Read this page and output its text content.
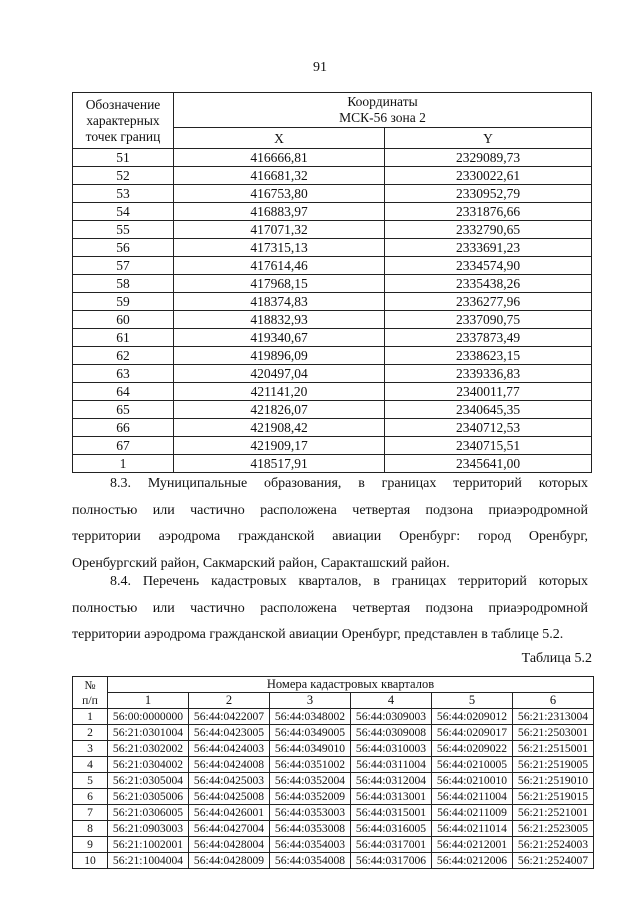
91
Обозначение характерных точек границ	Координаты
МСК-56 зона 2	
	X	Y
51	416666,81	2329089,73
52	416681,32	2330022,61
53	416753,80	2330952,79
54	416883,97	2331876,66
55	417071,32	2332790,65
56	417315,13	2333691,23
57	417614,46	2334574,90
58	417968,15	2335438,26
59	418374,83	2336277,96
60	418832,93	2337090,75
61	419340,67	2337873,49
62	419896,09	2338623,15
63	420497,04	2339336,83
64	421141,20	2340011,77
65	421826,07	2340645,35
66	421908,42	2340712,53
67	421909,17	2340715,51
1	418517,91	2345641,00
8.3. Муниципальные образования, в границах территорий которых
полностью или частично расположена четвертая подзона приаэродромной
территории аэродрома гражданской авиации Оренбург: город Оренбург,
Оренбургский район, Сакмарский район, Саракташский район.
8.4. Перечень кадастровых кварталов, в границах территорий которых
полностью или частично расположена четвертая подзона приаэродромной
территории аэродрома гражданской авиации Оренбург, представлен в таблице 5.2.
Таблица 5.2
№
п/п	Номера кадастровых кварталов					
	1	2	3	4	5	6
1	56:00:0000000	56:44:0422007	56:44:0348002	56:44:0309003	56:44:0209012	56:21:2313004
2	56:21:0301004	56:44:0423005	56:44:0349005	56:44:0309008	56:44:0209017	56:21:2503001
3	56:21:0302002	56:44:0424003	56:44:0349010	56:44:0310003	56:44:0209022	56:21:2515001
4	56:21:0304002	56:44:0424008	56:44:0351002	56:44:0311004	56:44:0210005	56:21:2519005
5	56:21:0305004	56:44:0425003	56:44:0352004	56:44:0312004	56:44:0210010	56:21:2519010
6	56:21:0305006	56:44:0425008	56:44:0352009	56:44:0313001	56:44:0211004	56:21:2519015
7	56:21:0306005	56:44:0426001	56:44:0353003	56:44:0315001	56:44:0211009	56:21:2521001
8	56:21:0903003	56:44:0427004	56:44:0353008	56:44:0316005	56:44:0211014	56:21:2523005
9	56:21:1002001	56:44:0428004	56:44:0354003	56:44:0317001	56:44:0212001	56:21:2524003
10	56:21:1004004	56:44:0428009	56:44:0354008	56:44:0317006	56:44:0212006	56:21:2524007
